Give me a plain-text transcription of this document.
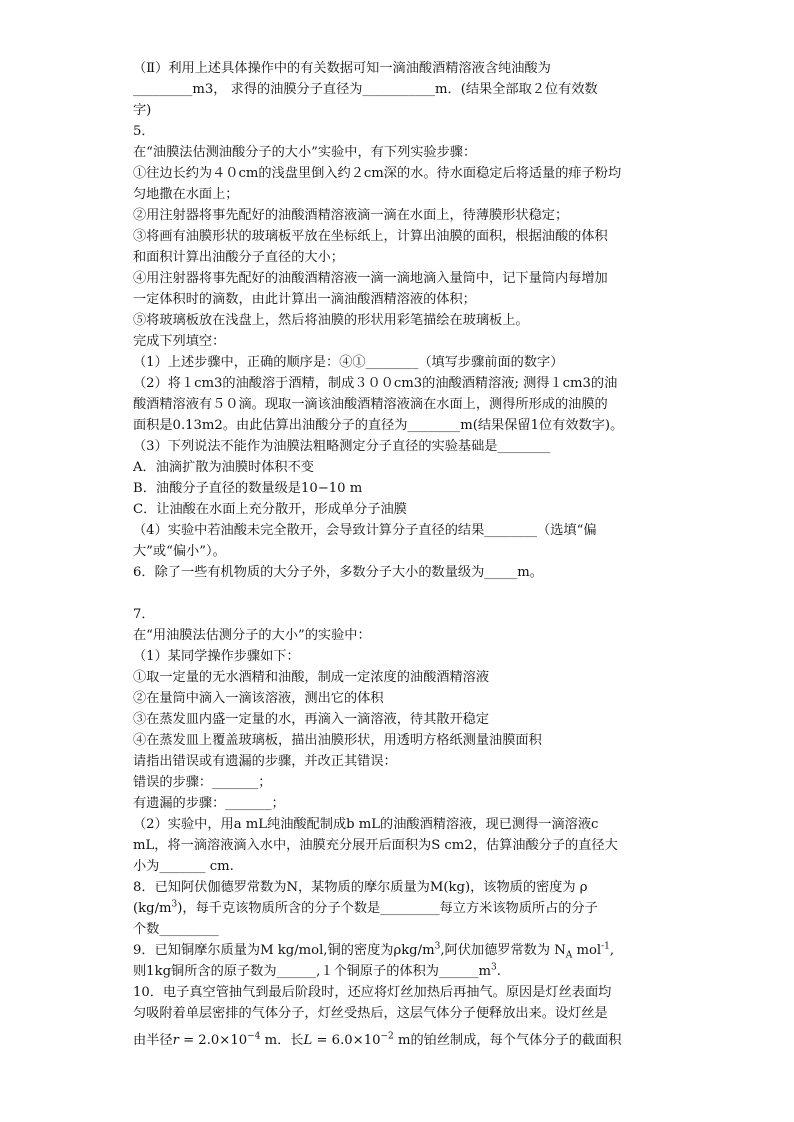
（Ⅱ）利用上述具体操作中的有关数据可知一滴油酸酒精溶液含纯油酸为
_________m3， 求得的油膜分子直径为___________m．(结果全部取２位有效数
字)
5．
在“油膜法估测油酸分子的大小”实验中，有下列实验步骤：
①往边长约为４０cm的浅盘里倒入约２cm深的水。待水面稳定后将适量的痱子粉均
匀地撒在水面上；
②用注射器将事先配好的油酸酒精溶液滴一滴在水面上，待薄膜形状稳定；
③将画有油膜形状的玻璃板平放在坐标纸上，计算出油膜的面积，根据油酸的体积
和面积计算出油酸分子直径的大小；
④用注射器将事先配好的油酸酒精溶液一滴一滴地滴入量筒中，记下量筒内每增加
一定体积时的滴数，由此计算出一滴油酸酒精溶液的体积；
⑤将玻璃板放在浅盘上，然后将油膜的形状用彩笔描绘在玻璃板上。
完成下列填空：
（1）上述步骤中，正确的顺序是：④①________（填写步骤前面的数字）
（2）将１cm3的油酸溶于酒精，制成３００cm3的油酸酒精溶液; 测得１cm3的油
酸酒精溶液有５０滴。现取一滴该油酸酒精溶液滴在水面上，测得所形成的油膜的
面积是0.13m2。由此估算出油酸分子的直径为________m(结果保留1位有效数字)。
（3）下列说法不能作为油膜法粗略测定分子直径的实验基础是________
A．油滴扩散为油膜时体积不变
B．油酸分子直径的数量级是10−10 m
C．让油酸在水面上充分散开，形成单分子油膜
（4）实验中若油酸未完全散开，会导致计算分子直径的结果________（选填“偏
大”或“偏小”）。
6．除了一些有机物质的大分子外，多数分子大小的数量级为_____m。
7．
在“用油膜法估测分子的大小”的实验中：
（1）某同学操作步骤如下：
①取一定量的无水酒精和油酸，制成一定浓度的油酸酒精溶液
②在量筒中滴入一滴该溶液，测出它的体积
③在蒸发皿内盛一定量的水，再滴入一滴溶液，待其散开稳定
④在蒸发皿上覆盖玻璃板，描出油膜形状，用透明方格纸测量油膜面积
请指出错误或有遗漏的步骤，并改正其错误：
错误的步骤：_______；
有遗漏的步骤：_______；
（2）实验中，用a mL纯油酸配制成b mL的油酸酒精溶液，现已测得一滴溶液c
mL，将一滴溶液滴入水中，油膜充分展开后面积为S cm2，估算油酸分子的直径大
小为_______ cm.
8．已知阿伏伽德罗常数为N，某物质的摩尔质量为M(kg)，该物质的密度为 ρ
$(kg/m^3)$，每千克该物质所含的分子个数是_________每立方米该物质所占的分子
个数_________
9．已知铜摩尔质量为M kg/mol,铜的密度为ρkg/$m^3$,阿伏加德罗常数为 $N_A$ mol$^{-1}$,
则1kg铜所含的原子数为______,１个铜原子的体积为$\_\_\_\_\_\_m^3$.
10．电子真空管抽气到最后阶段时，还应将灯丝加热后再抽气。原因是灯丝表面均
匀吸附着单层密排的气体分子，灯丝受热后，这层气体分子便释放出来。设灯丝是
由半径$r = 2.0\times 10^{-4}$ m．长$L = 6.0\times 10^{-2}$ m的铂丝制成，每个气体分子的截面积
